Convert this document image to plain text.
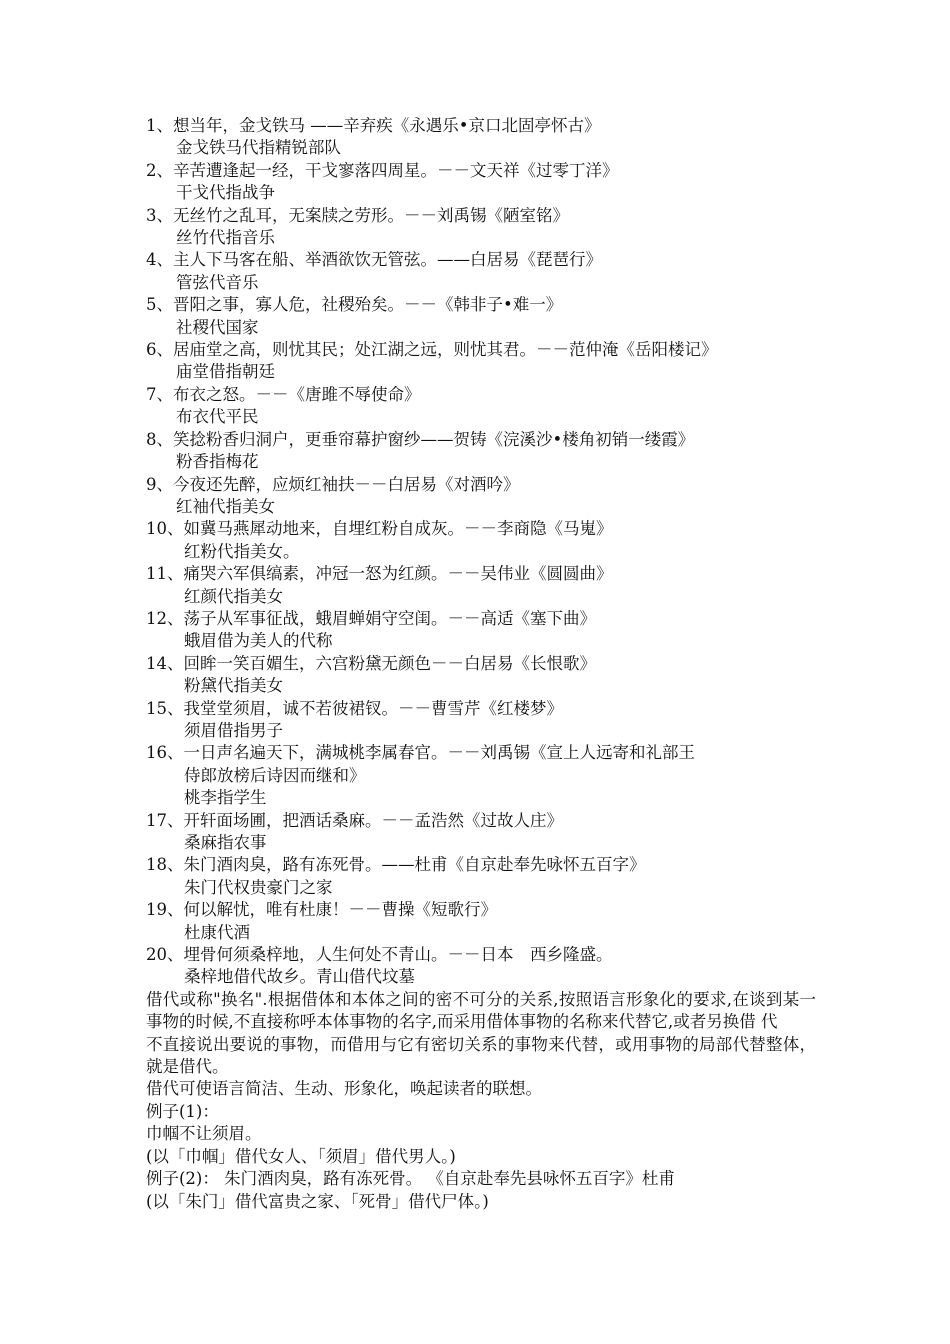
1、想当年，金戈铁马 ——辛弃疾《永遇乐•京口北固亭怀古》
金戈铁马代指精锐部队
2、辛苦遭逢起一经，干戈寥落四周星。－－文天祥《过零丁洋》
干戈代指战争
3、无丝竹之乱耳，无案牍之劳形。－－刘禹锡《陋室铭》
丝竹代指音乐
4、主人下马客在船、举酒欲饮无管弦。——白居易《琵琶行》
管弦代音乐
5、晋阳之事，寡人危，社稷殆矣。－－《韩非子•难一》
社稷代国家
6、居庙堂之高，则忧其民；处江湖之远，则忧其君。－－范仲淹《岳阳楼记》
庙堂借指朝廷
7、布衣之怒。－－《唐雎不辱使命》
布衣代平民
8、笑捻粉香归洞户，更垂帘幕护窗纱——贺铸《浣溪沙•楼角初销一缕霞》
粉香指梅花
9、今夜还先醉，应烦红袖扶－－白居易《对酒吟》
红袖代指美女
10、如冀马燕犀动地来，自埋红粉自成灰。－－李商隐《马嵬》
红粉代指美女。
11、痛哭六军俱缟素，冲冠一怒为红颜。－－吴伟业《圆圆曲》
红颜代指美女
12、荡子从军事征战，蛾眉蝉娟守空闺。－－高适《塞下曲》
蛾眉借为美人的代称
14、回眸一笑百媚生，六宫粉黛无颜色－－白居易《长恨歌》
粉黛代指美女
15、我堂堂须眉，诚不若彼裙钗。－－曹雪芹《红楼梦》
须眉借指男子
16、一日声名遍天下，满城桃李属春官。－－刘禹锡《宣上人远寄和礼部王
侍郎放榜后诗因而继和》
桃李指学生
17、开轩面场圃，把酒话桑麻。－－孟浩然《过故人庄》
桑麻指农事
18、朱门酒肉臭，路有冻死骨。——杜甫《自京赴奉先咏怀五百字》
朱门代权贵豪门之家
19、何以解忧，唯有杜康！－－曹操《短歌行》
杜康代酒
20、埋骨何须桑梓地，人生何处不青山。－－日本　西乡隆盛。
桑梓地借代故乡。青山借代坟墓
借代或称"换名".根据借体和本体之间的密不可分的关系,按照语言形象化的要求,在谈到某一事物的时候,不直接称呼本体事物的名字,而采用借体事物的名称来代替它,或者另换借 代
不直接说出要说的事物，而借用与它有密切关系的事物来代替，或用事物的局部代替整体，就是借代。
借代可使语言简洁、生动、形象化，唤起读者的联想。
例子(1)：
巾帼不让须眉。
(以「巾帼」借代女人、「须眉」借代男人。)
例子(2)： 朱门酒肉臭，路有冻死骨。 《自京赴奉先县咏怀五百字》杜甫
(以「朱门」借代富贵之家、「死骨」借代尸体。)
